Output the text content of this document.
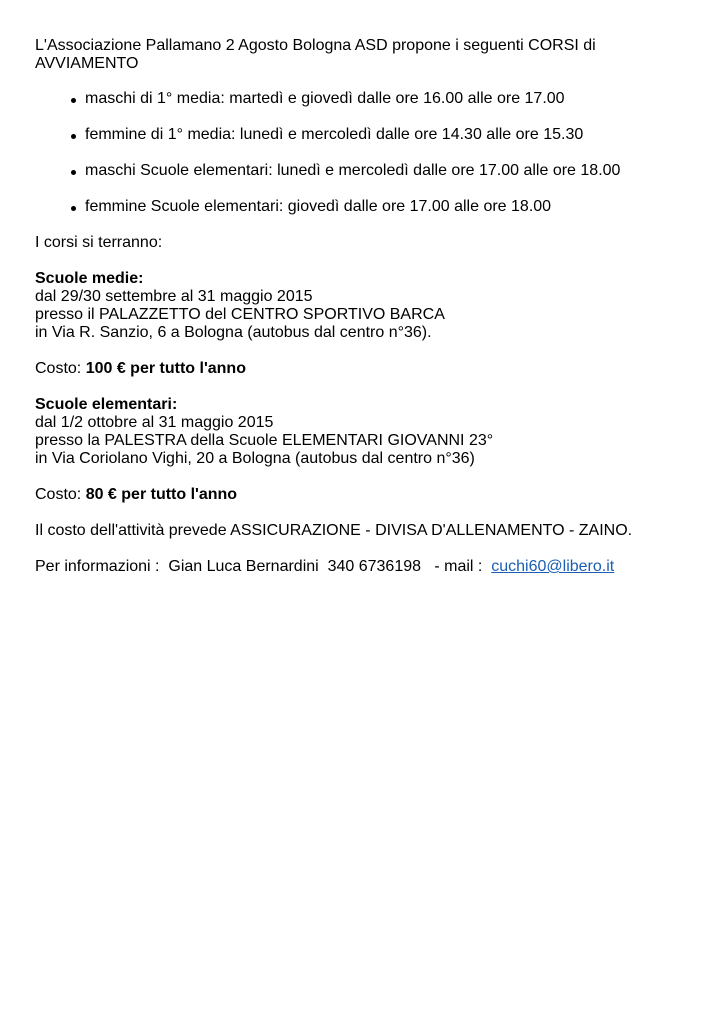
L'Associazione Pallamano 2 Agosto Bologna ASD propone i seguenti CORSI di
AVVIAMENTO

maschi di 1° media: martedì e giovedì dalle ore 16.00 alle ore 17.00
femmine di 1° media: lunedì e mercoledì dalle ore 14.30 alle ore 15.30
maschi Scuole elementari: lunedì e mercoledì dalle ore 17.00 alle ore 18.00
femmine Scuole elementari: giovedì dalle ore 17.00 alle ore 18.00

I corsi si terranno:

Scuole medie:
dal 29/30 settembre al 31 maggio 2015
presso il PALAZZETTO del CENTRO SPORTIVO BARCA
in Via R. Sanzio, 6 a Bologna (autobus dal centro n°36).

Costo: 100 € per tutto l'anno

Scuole elementari:
dal 1/2 ottobre al 31 maggio 2015
presso la PALESTRA della Scuole ELEMENTARI GIOVANNI 23°
in Via Coriolano Vighi, 20 a Bologna (autobus dal centro n°36)

Costo: 80 € per tutto l'anno

Il costo dell'attività prevede ASSICURAZIONE - DIVISA D'ALLENAMENTO - ZAINO.

Per informazioni :  Gian Luca Bernardini  340 6736198   - mail :  cuchi60@libero.it
